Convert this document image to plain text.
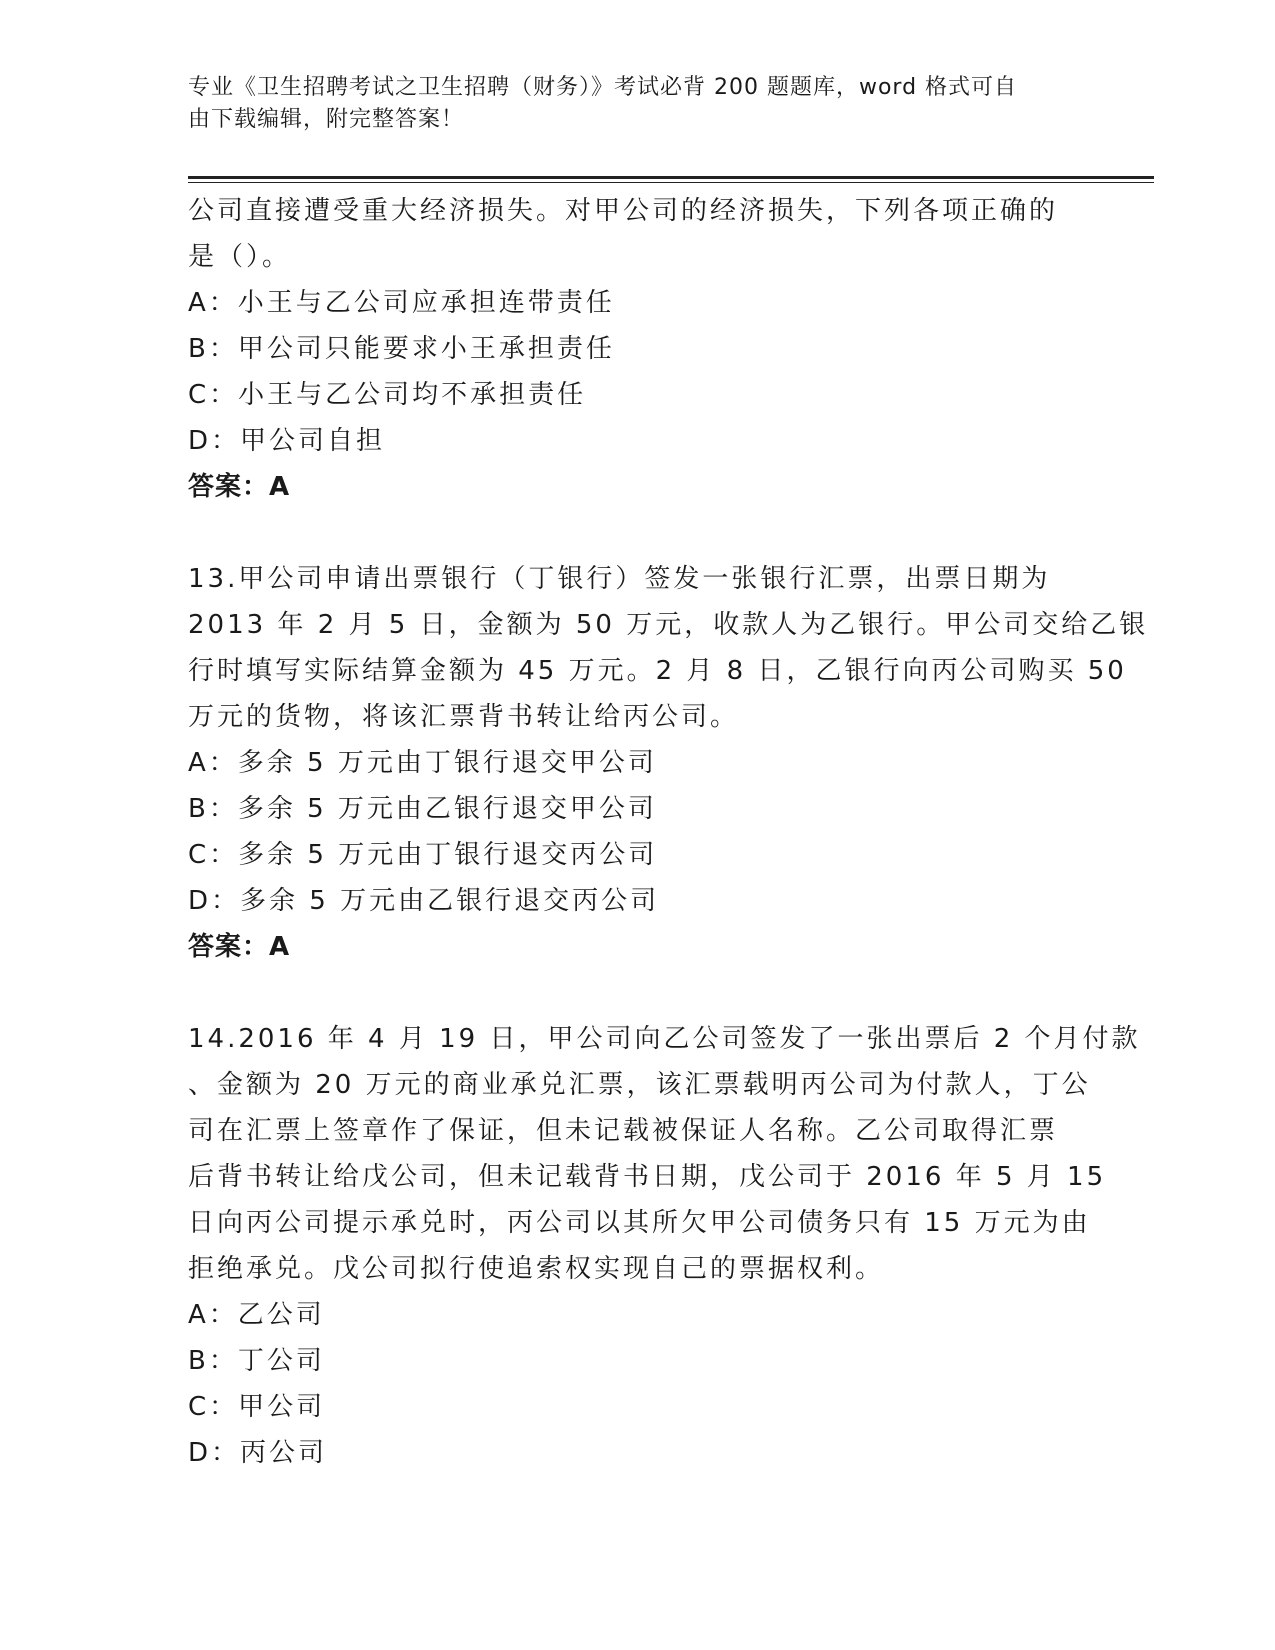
专业《卫生招聘考试之卫生招聘（财务）》考试必背 200 题题库，word 格式可自
由下载编辑，附完整答案！
公司直接遭受重大经济损失。对甲公司的经济损失，下列各项正确的
是（）。
A：小王与乙公司应承担连带责任
B：甲公司只能要求小王承担责任
C：小王与乙公司均不承担责任
D：甲公司自担
答案：A
13.甲公司申请出票银行（丁银行）签发一张银行汇票，出票日期为
2013 年 2 月 5 日，金额为 50 万元，收款人为乙银行。甲公司交给乙银
行时填写实际结算金额为 45 万元。2 月 8 日，乙银行向丙公司购买 50
万元的货物，将该汇票背书转让给丙公司。
A：多余 5 万元由丁银行退交甲公司
B：多余 5 万元由乙银行退交甲公司
C：多余 5 万元由丁银行退交丙公司
D：多余 5 万元由乙银行退交丙公司
答案：A
14.2016 年 4 月 19 日，甲公司向乙公司签发了一张出票后 2 个月付款
、金额为 20 万元的商业承兑汇票，该汇票载明丙公司为付款人，丁公
司在汇票上签章作了保证，但未记载被保证人名称。乙公司取得汇票
后背书转让给戊公司，但未记载背书日期，戊公司于 2016 年 5 月 15
日向丙公司提示承兑时，丙公司以其所欠甲公司债务只有 15 万元为由
拒绝承兑。戊公司拟行使追索权实现自己的票据权利。
A：乙公司
B：丁公司
C：甲公司
D：丙公司
